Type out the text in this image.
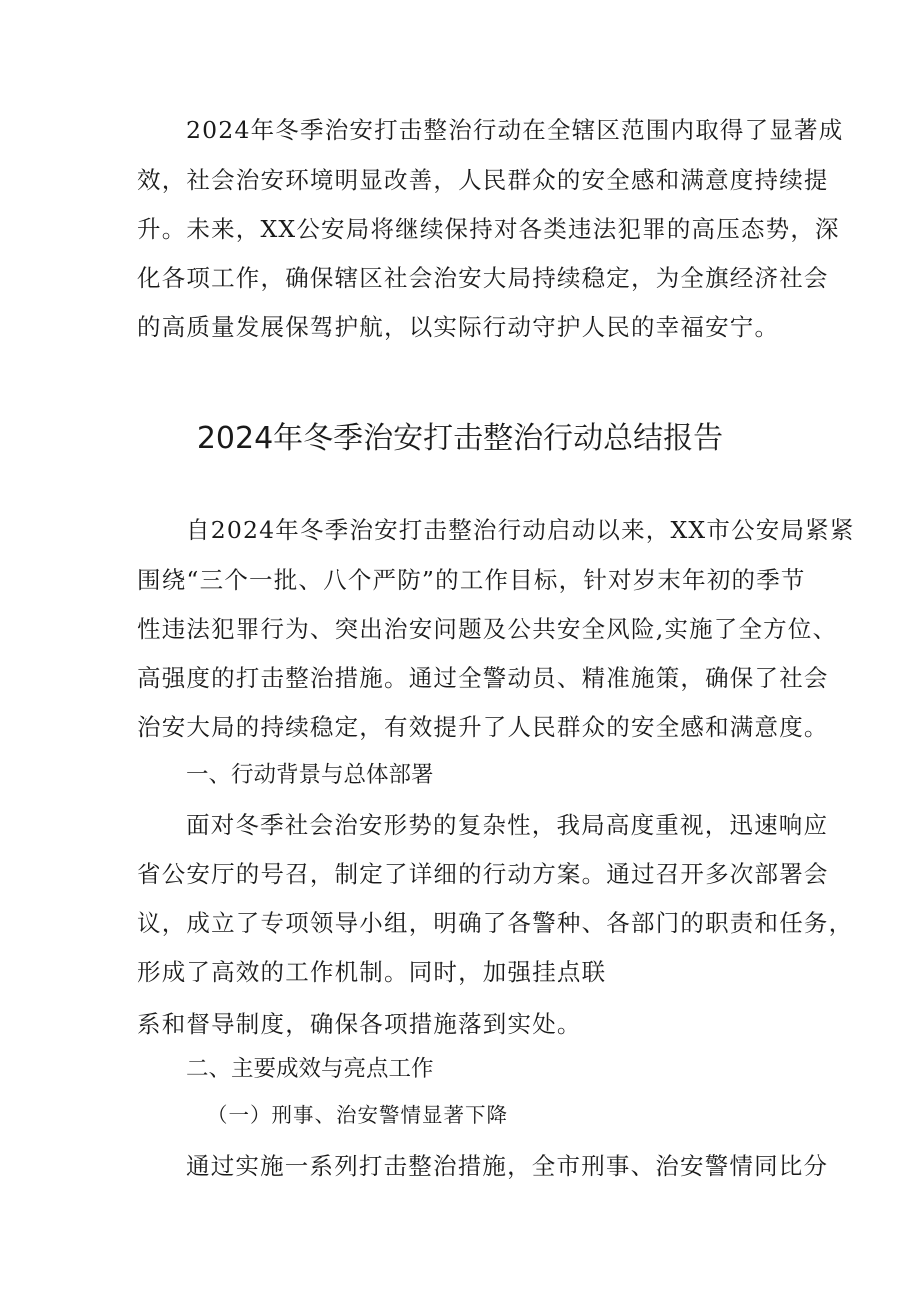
2024年冬季治安打击整治行动在全辖区范围内取得了显著成
效，社会治安环境明显改善，人民群众的安全感和满意度持续提
升。未来，XX公安局将继续保持对各类违法犯罪的高压态势，深
化各项工作，确保辖区社会治安大局持续稳定，为全旗经济社会
的高质量发展保驾护航，以实际行动守护人民的幸福安宁。
2024年冬季治安打击整治行动总结报告
自2024年冬季治安打击整治行动启动以来，XX市公安局紧紧
围绕“三个一批、八个严防”的工作目标，针对岁末年初的季节
性违法犯罪行为、突出治安问题及公共安全风险,实施了全方位、
高强度的打击整治措施。通过全警动员、精准施策，确保了社会
治安大局的持续稳定，有效提升了人民群众的安全感和满意度。
一、行动背景与总体部署
面对冬季社会治安形势的复杂性，我局高度重视，迅速响应
省公安厅的号召，制定了详细的行动方案。通过召开多次部署会
议，成立了专项领导小组，明确了各警种、各部门的职责和任务，
形成了高效的工作机制。同时，加强挂点联
系和督导制度，确保各项措施落到实处。
二、主要成效与亮点工作
（一）刑事、治安警情显著下降
通过实施一系列打击整治措施，全市刑事、治安警情同比分
